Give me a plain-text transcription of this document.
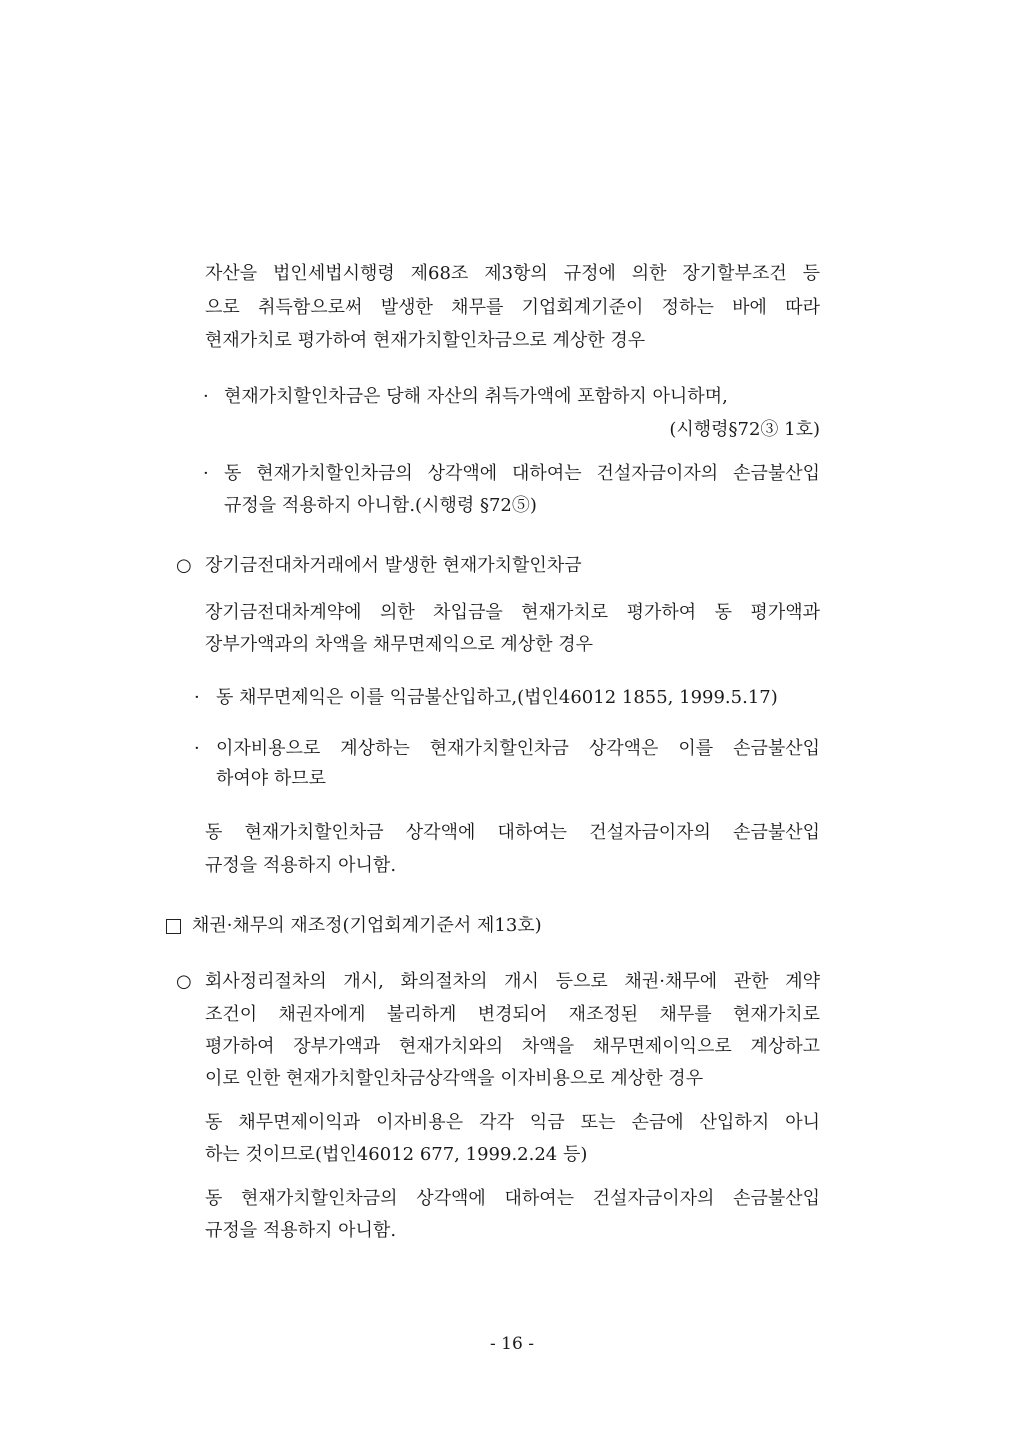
자산을 법인세법시행령 제68조 제3항의 규정에 의한 장기할부조건 등
으로 취득함으로써 발생한 채무를 기업회계기준이 정하는 바에 따라
현재가치로 평가하여 현재가치할인차금으로 계상한 경우
· 현재가치할인차금은 당해 자산의 취득가액에 포함하지 아니하며,
(시행령§72③ 1호)
· 동 현재가치할인차금의 상각액에 대하여는 건설자금이자의 손금불산입
규정을 적용하지 아니함.(시행령 §72⑤)
○ 장기금전대차거래에서 발생한 현재가치할인차금
장기금전대차계약에 의한 차입금을 현재가치로 평가하여 동 평가액과
장부가액과의 차액을 채무면제익으로 계상한 경우
· 동 채무면제익은 이를 익금불산입하고,(법인46012 1855, 1999.5.17)
· 이자비용으로 계상하는 현재가치할인차금 상각액은 이를 손금불산입
하여야 하므로
동 현재가치할인차금 상각액에 대하여는 건설자금이자의 손금불산입
규정을 적용하지 아니함.
채권·채무의 재조정(기업회계기준서 제13호)
○ 회사정리절차의 개시, 화의절차의 개시 등으로 채권·채무에 관한 계약
조건이 채권자에게 불리하게 변경되어 재조정된 채무를 현재가치로
평가하여 장부가액과 현재가치와의 차액을 채무면제이익으로 계상하고
이로 인한 현재가치할인차금상각액을 이자비용으로 계상한 경우
동 채무면제이익과 이자비용은 각각 익금 또는 손금에 산입하지 아니
하는 것이므로(법인46012 677, 1999.2.24 등)
동 현재가치할인차금의 상각액에 대하여는 건설자금이자의 손금불산입
규정을 적용하지 아니함.
- 16 -
